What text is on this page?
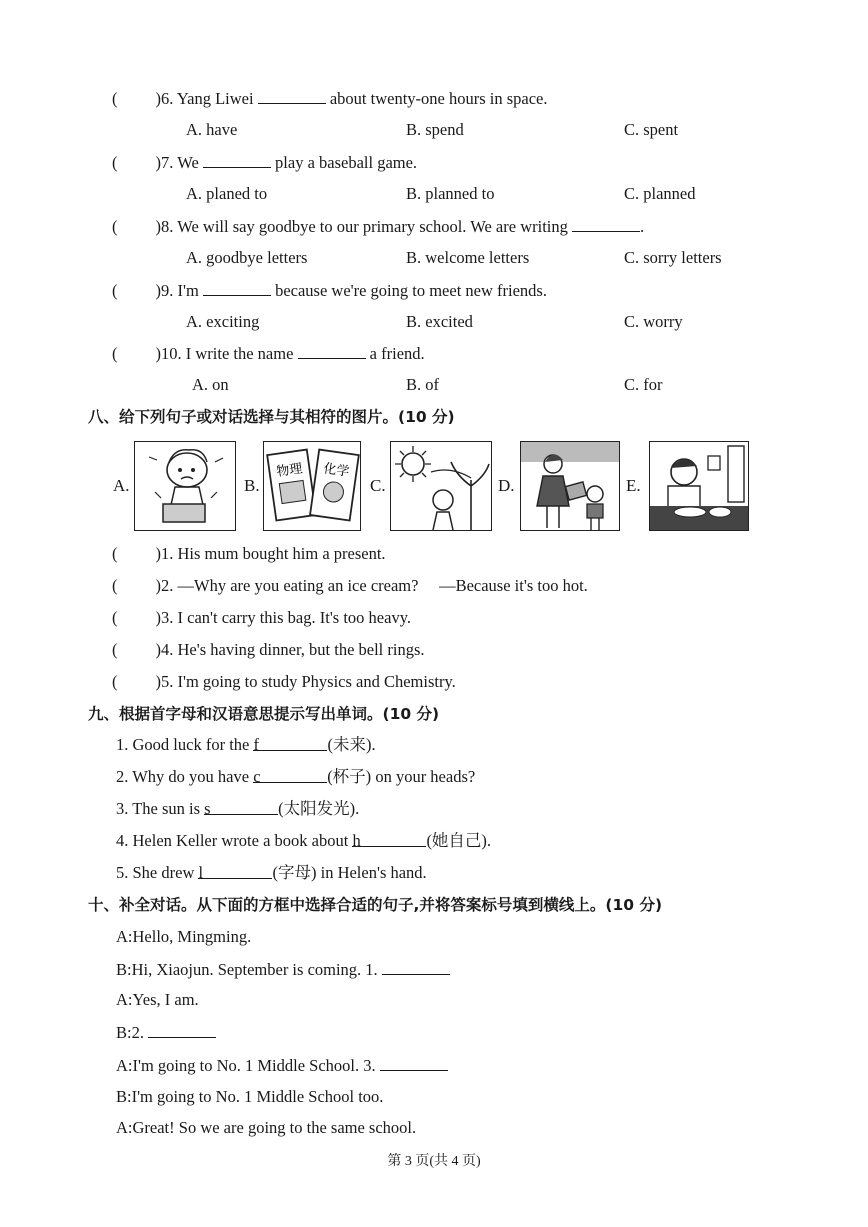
( )6. Yang Liwei	about twenty-one hours in space.
A. have	B. spend	C. spent
( )7. We	play a baseball game.
A. planed to	B. planned to	C. planned
( )8. We will say goodbye to our primary school. We are writing	.
A. goodbye letters	B. welcome letters	C. sorry letters
( )9. I'm	because we're going to meet new friends.
A. exciting	B. excited	C. worry
( )10. I write the name	a friend.
A. on	B. of	C. for
八、给下列句子或对话选择与其相符的图片。(10 分)
A.	B.
物理 化学
C.	D.	E.
( )1. His mum bought him a present.
( )2. —Why are you eating an ice cream?     —Because it's too hot.
( )3. I can't carry this bag. It's too heavy.
( )4. He's having dinner, but the bell rings.
( )5. I'm going to study Physics and Chemistry.
九、根据首字母和汉语意思提示写出单词。(10 分)
1. Good luck for the f	(未来).
2. Why do you have c	(杯子) on your heads?
3. The sun is s	(太阳发光).
4. Helen Keller wrote a book about h	(她自己).
5. She drew l	(字母) in Helen's hand.
十、补全对话。从下面的方框中选择合适的句子,并将答案标号填到横线上。(10 分)
A:Hello, Mingming.
B:Hi, Xiaojun. September is coming. 1.
A:Yes, I am.
B:2.
A:I'm going to No. 1 Middle School. 3.
B:I'm going to No. 1 Middle School too.
A:Great! So we are going to the same school.
第 3 页(共 4 页)
